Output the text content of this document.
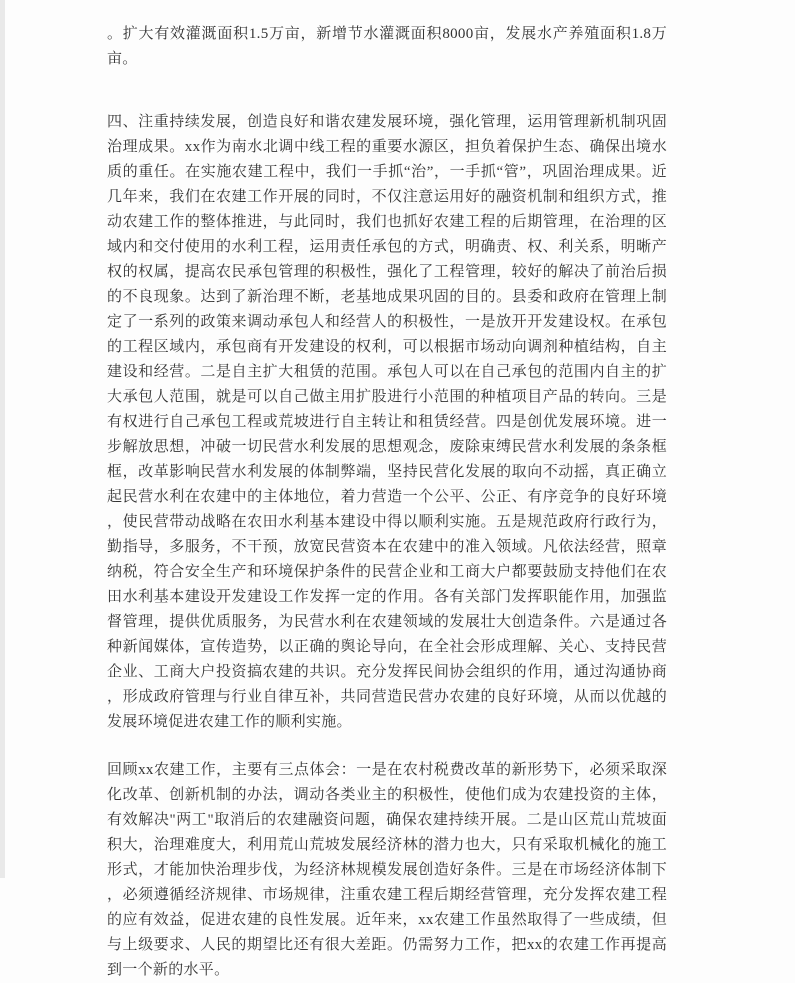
。扩大有效灌溉面积1.5万亩，新增节水灌溉面积8000亩，发展水产养殖面积1.8万亩。

四、注重持续发展，创造良好和谐农建发展环境，强化管理，运用管理新机制巩固治理成果。xx作为南水北调中线工程的重要水源区，担负着保护生态、确保出境水质的重任。在实施农建工程中，我们一手抓“治”，一手抓“管”，巩固治理成果。近几年来，我们在农建工作开展的同时，不仅注意运用好的融资机制和组织方式，推动农建工作的整体推进，与此同时，我们也抓好农建工程的后期管理，在治理的区域内和交付使用的水利工程，运用责任承包的方式，明确责、权、利关系，明晰产权的权属，提高农民承包管理的积极性，强化了工程管理，较好的解决了前治后损的不良现象。达到了新治理不断，老基地成果巩固的目的。县委和政府在管理上制定了一系列的政策来调动承包人和经营人的积极性，一是放开开发建设权。在承包的工程区域内，承包商有开发建设的权利，可以根据市场动向调剂种植结构，自主建设和经营。二是自主扩大租赁的范围。承包人可以在自己承包的范围内自主的扩大承包人范围，就是可以自己做主用扩股进行小范围的种植项目产品的转向。三是有权进行自己承包工程或荒坡进行自主转让和租赁经营。四是创优发展环境。进一步解放思想，冲破一切民营水利发展的思想观念，废除束缚民营水利发展的条条框框，改革影响民营水利发展的体制弊端，坚持民营化发展的取向不动摇，真正确立起民营水利在农建中的主体地位，着力营造一个公平、公正、有序竞争的良好环境，使民营带动战略在农田水利基本建设中得以顺利实施。五是规范政府行政行为，勤指导，多服务，不干预，放宽民营资本在农建中的准入领域。凡依法经营，照章纳税，符合安全生产和环境保护条件的民营企业和工商大户都要鼓励支持他们在农田水利基本建设开发建设工作发挥一定的作用。各有关部门发挥职能作用，加强监督管理，提供优质服务，为民营水利在农建领域的发展壮大创造条件。六是通过各种新闻媒体，宣传造势，以正确的舆论导向，在全社会形成理解、关心、支持民营企业、工商大户投资搞农建的共识。充分发挥民间协会组织的作用，通过沟通协商，形成政府管理与行业自律互补，共同营造民营办农建的良好环境，从而以优越的发展环境促进农建工作的顺利实施。

回顾xx农建工作，主要有三点体会：一是在农村税费改革的新形势下，必须采取深化改革、创新机制的办法，调动各类业主的积极性，使他们成为农建投资的主体，有效解决"两工"取消后的农建融资问题，确保农建持续开展。二是山区荒山荒坡面积大，治理难度大，利用荒山荒坡发展经济林的潜力也大，只有采取机械化的施工形式，才能加快治理步伐，为经济林规模发展创造好条件。三是在市场经济体制下，必须遵循经济规律、市场规律，注重农建工程后期经营管理，充分发挥农建工程的应有效益，促进农建的良性发展。近年来，xx农建工作虽然取得了一些成绩，但与上级要求、人民的期望比还有很大差距。仍需努力工作，把xx的农建工作再提高到一个新的水平。
